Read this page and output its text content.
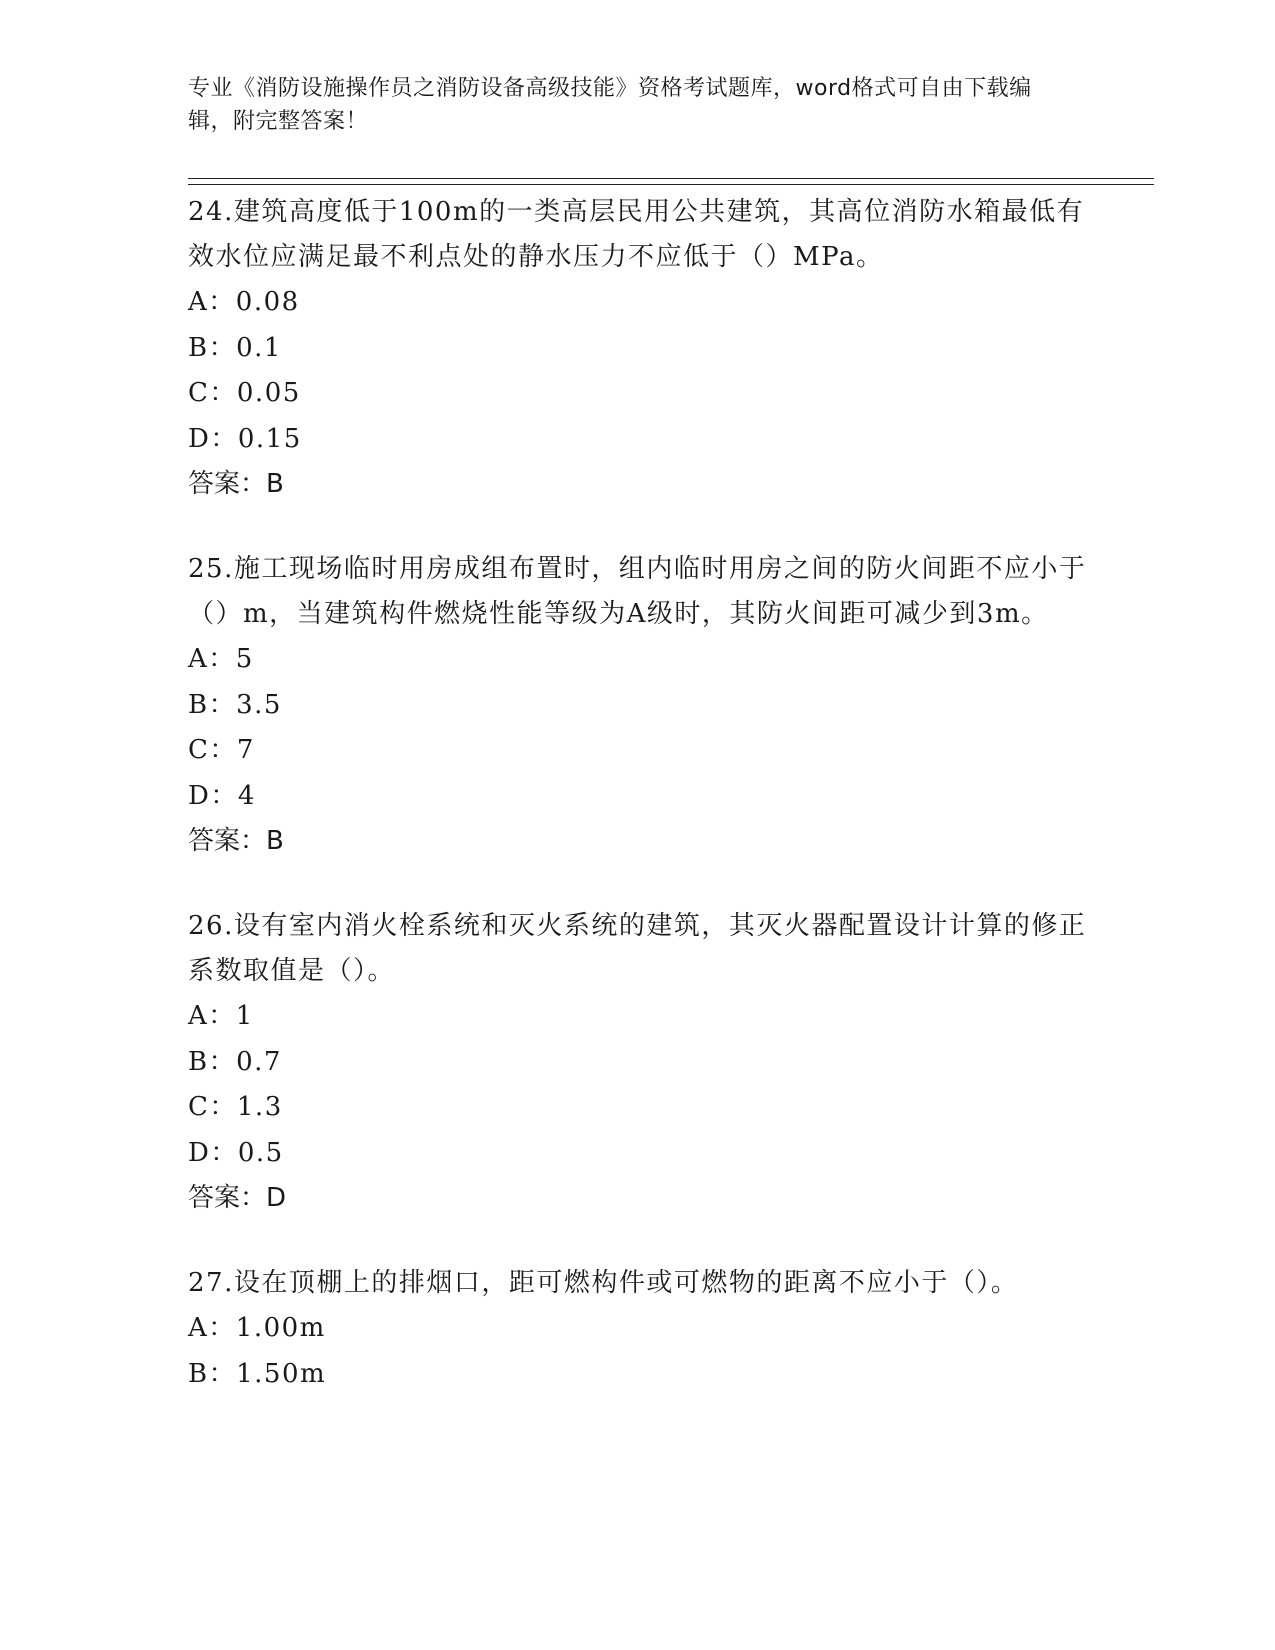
专业《消防设施操作员之消防设备高级技能》资格考试题库，word格式可自由下载编辑，附完整答案！

24.建筑高度低于100m的一类高层民用公共建筑，其高位消防水箱最低有效水位应满足最不利点处的静水压力不应低于（）MPa。

A：0.08

B：0.1

C：0.05

D：0.15

答案：B

25.施工现场临时用房成组布置时，组内临时用房之间的防火间距不应小于（）m，当建筑构件燃烧性能等级为A级时，其防火间距可减少到3m。

A：5

B：3.5

C：7

D：4

答案：B

26.设有室内消火栓系统和灭火系统的建筑，其灭火器配置设计计算的修正系数取值是（）。

A：1

B：0.7

C：1.3

D：0.5

答案：D

27.设在顶棚上的排烟口，距可燃构件或可燃物的距离不应小于（）。

A：1.00m

B：1.50m
